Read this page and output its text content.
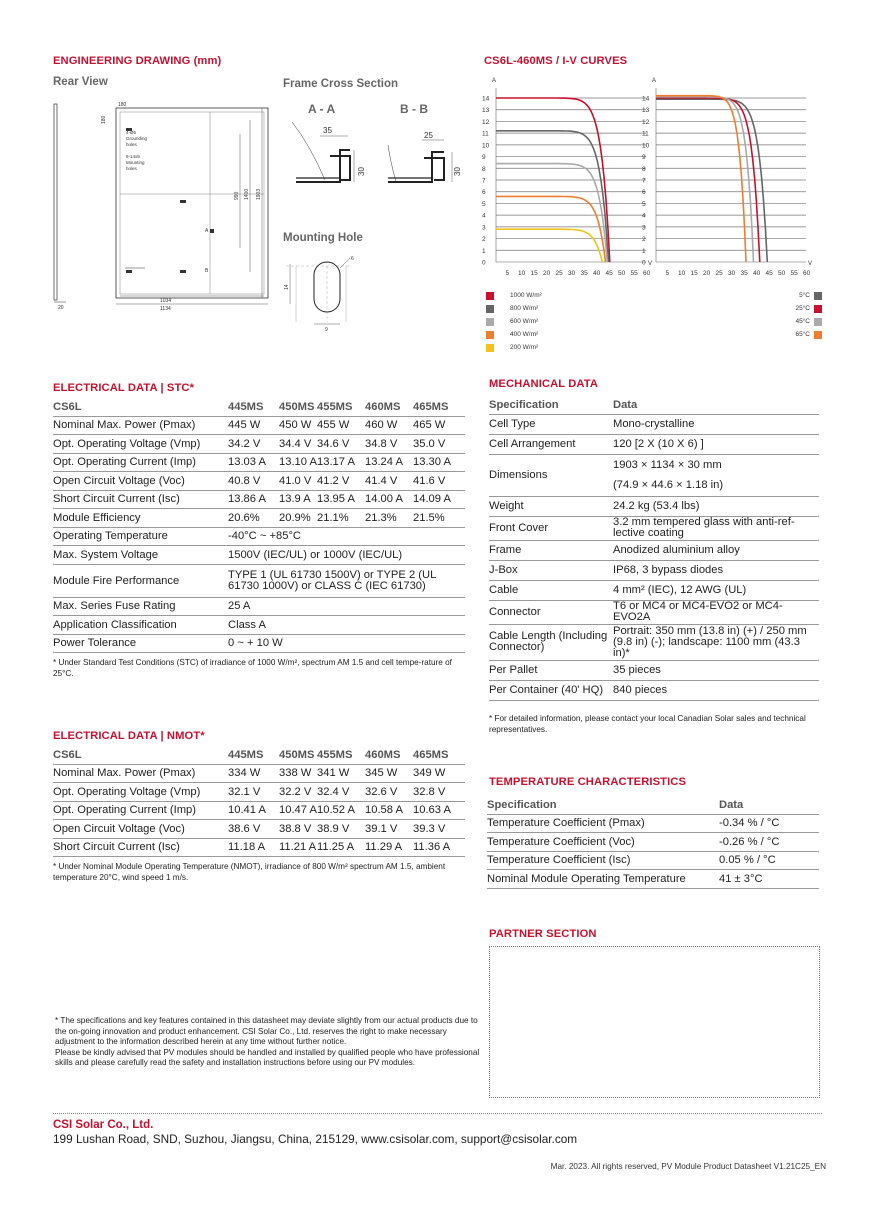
ENGINEERING DRAWING (mm)
Rear View	Frame Cross Section
A - A	B - B
Mounting Hole
20
180
4-Ø5
Grounding
holes
8-14x9
Mounting
holes
A
B
990 1400 1903
180
1034
1134
35
30
25
30
14
9
6
CS6L-460MS / I-V CURVES
A
V
14
13
12
11
10
9
8
7
6
5
4
3
2
1
0
5 10 15 20 25 30 35 40 45 50 55 60
A
V
14
13
12
11
10
9
8
7
6
5
4
3
2
1
0
5 10 15 20 25 30 35 40 45 50 55 60
1000 W/m²
800 W/m²
600 W/m²
400 W/m²
200 W/m²
5°C
25°C
45°C
65°C
ELECTRICAL DATA | STC*
CS6L	445MS	450MS	455MS	460MS	465MS
Nominal Max. Power (Pmax)	445 W	450 W	455 W	460 W	465 W
Opt. Operating Voltage (Vmp)	34.2 V	34.4 V	34.6 V	34.8 V	35.0 V
Opt. Operating Current (Imp)	13.03 A	13.10 A	13.17 A	13.24 A	13.30 A
Open Circuit Voltage (Voc)	40.8 V	41.0 V	41.2 V	41.4 V	41.6 V
Short Circuit Current (Isc)	13.86 A	13.9 A	13.95 A	14.00 A	14.09 A
Module Efficiency	20.6%	20.9%	21.1%	21.3%	21.5%
Operating Temperature	-40°C ~ +85°C				
Max. System Voltage	1500V (IEC/UL) or 1000V (IEC/UL)				
Module Fire Performance	TYPE 1 (UL 61730 1500V) or TYPE 2 (UL 61730 1000V) or CLASS C (IEC 61730)				
Max. Series Fuse Rating	25 A				
Application Classification	Class A				
Power Tolerance	0 ~ + 10 W				
* Under Standard Test Conditions (STC) of irradiance of 1000 W/m², spectrum AM 1.5 and cell tempe-rature of 25°C.
ELECTRICAL DATA | NMOT*
CS6L	445MS	450MS	455MS	460MS	465MS
Nominal Max. Power (Pmax)	334 W	338 W	341 W	345 W	349 W
Opt. Operating Voltage (Vmp)	32.1 V	32.2 V	32.4 V	32.6 V	32.8 V
Opt. Operating Current (Imp)	10.41 A	10.47 A	10.52 A	10.58 A	10.63 A
Open Circuit Voltage (Voc)	38.6 V	38.8 V	38.9 V	39.1 V	39.3 V
Short Circuit Current (Isc)	11.18 A	11.21 A	11.25 A	11.29 A	11.36 A
* Under Nominal Module Operating Temperature (NMOT), irradiance of 800 W/m² spectrum AM 1.5, ambient temperature 20°C, wind speed 1 m/s.
MECHANICAL DATA
Specification	Data
Cell Type	Mono-crystalline
Cell Arrangement	120 [2 X (10 X 6) ]
Dimensions	1903 × 1134 × 30 mm
(74.9 × 44.6 × 1.18 in)

Weight	24.2 kg (53.4 lbs)
Front Cover	3.2 mm tempered glass with anti-ref-lective coating
Frame	Anodized aluminium alloy
J-Box	IP68, 3 bypass diodes
Cable	4 mm² (IEC), 12 AWG (UL)
Connector	T6 or MC4 or MC4-EVO2 or MC4-EVO2A
Cable Length (Including Connector)	Portrait: 350 mm (13.8 in) (+) / 250 mm (9.8 in) (-); landscape: 1100 mm (43.3 in)*
Per Pallet	35 pieces
Per Container (40' HQ)	840 pieces
* For detailed information, please contact your local Canadian Solar sales and technical representatives.
TEMPERATURE CHARACTERISTICS
Specification	Data
Temperature Coefficient (Pmax)	-0.34 % / °C
Temperature Coefficient (Voc)	-0.26 % / °C
Temperature Coefficient (Isc)	0.05 % / °C
Nominal Module Operating Temperature	41 ± 3°C
PARTNER SECTION
* The specifications and key features contained in this datasheet may deviate slightly from our actual products due to the on-going innovation and product enhancement. CSI Solar Co., Ltd. reserves the right to make necessary adjustment to the information described herein at any time without further notice.
Please be kindly advised that PV modules should be handled and installed by qualified people who have professional skills and please carefully read the safety and installation instructions before using our PV modules.
CSI Solar Co., Ltd.
199 Lushan Road, SND, Suzhou, Jiangsu, China, 215129, www.csisolar.com, support@csisolar.com
Mar. 2023. All rights reserved, PV Module Product Datasheet V1.21C25_EN
